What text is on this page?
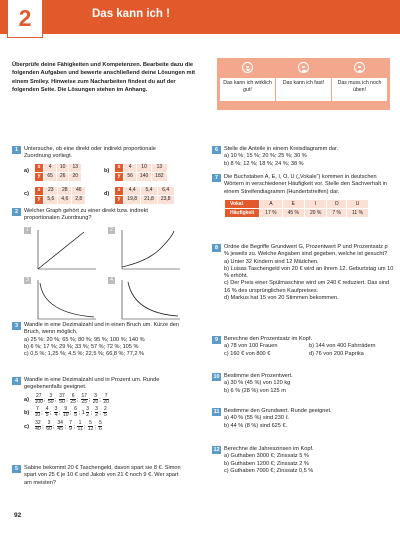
2	Das kann ich !
Überprüfe deine Fähigkeiten und Kompetenzen. Bearbeite dazu die folgenden Aufgaben und bewerte anschließend deine Lösungen mit einem Smiley. Hinweise zum Nacharbeiten findest du auf der folgenden Seite. Die Lösungen stehen im Anhang.
Das kann ich wirklich gut!
Das kann ich fast!	Das muss ich noch üben!
1	Untersuche, ob eine direkt oder indirekt proportionale Zuordnung vorliegt.
a) x	4	10	13
y	65	26	20
b) x	4	10	13
y	56	140	182
c) x	23	28	46
y	5,6	4,6	2,8
d) x	4,4	5,4	6,4
y	19,8	21,8	23,8
2	Welcher Graph gehört zu einer direkt bzw. indirekt proportionalen Zuordnung?
1	2
3	4
3	Wandle in eine Dezimalzahl und in einen Bruch um. Kürze den Bruch, wenn möglich.
a) 25 %; 20 %; 65 %; 80 %; 95 %; 100 %; 140 %
b) 6 %; 17 %; 29 %; 33 %; 57 %; 72 %; 105 %
c) 0,5 %; 1,25 %; 4,5 %; 22,5 %; 66,8 %; 77,2 %
4	Wandle in eine Dezimalzahl und in Prozent um. Runde gegebenenfalls geeignet.
$a) \frac{27}{100}$ ; $\frac{3}{50}$ ; $\frac{37}{50}$ ; $\frac{6}{25}$ ; $\frac{17}{25}$ ; $\frac{3}{20}$ ; $\frac{7}{20}$
$b) \frac{7}{10}$ ; $\frac{4}{5}$ ; $\frac{3}{4}$ ; $\frac{9}{10}$ ; $\frac{6}{5}$ ; $1 \frac{3}{2}$ ; $\frac{3}{2}$ ; $\frac{2}{5}$
$c) \frac{32}{40}$ ; $\frac{3}{60}$ ; $\frac{34}{45}$ ; $\frac{7}{9}$ ; $\frac{1}{11}$ ; $\frac{5}{12}$ ; $\frac{5}{6}$
5	Sabine bekommt 20 € Taschengeld, davon spart sie 8 €. Simon spart von 25 € je 10 € und Jakob von 21 € noch 9 €. Wer spart am meisten?
6	Stelle die Anteile in einem Kreisdiagramm dar.
a) 10 %; 15 %; 20 %; 25 %; 30 %
b) 8 %; 12 %; 18 %; 24 %; 38 %
7	Die Buchstaben A, E, I, O, U („Vokale“) kommen in deutschen Wörtern in verschiedener Häufigkeit vor. Stelle den Sachverhalt in einem Streifendiagramm (Hundertstreifen) dar.
Vokal	A	E	I	O	U
Häufigkeit	17 %	45 %	20 %	7 %	11 %
8	Ordne die Begriffe Grundwert G, Prozentwert P und Prozentsatz p % jeweils zu. Welche Angaben sind gegeben, welche ist gesucht?
a) Unter 32 Kindern sind 12 Mädchen.
b) Luisas Taschengeld von 20 € wird an ihrem 12. Geburtstag um 10 % erhöht.
c) Der Preis einer Spülmaschine wird um 240 € reduziert. Das sind 16 % des ursprünglichen Kaufpreises.
d) Markus hat 15 von 20 Stimmen bekommen.
9	Berechne den Prozentsatz im Kopf.
a) 78 von 100 Frauen	b) 144 von 400 Fahrrädern
c) 160 € von 800 €	d) 76 von 200 Paprika
10 Bestimme den Prozentwert.
a) 30 % (45 %) von 120 kg
b) 6 % (28 %) von 125 m
11 Bestimme den Grundwert. Runde geeignet.
a) 40 % (55 %) sind 230 ℓ.
b) 44 % (8 %) sind 625 €.
12 Berechne die Jahreszinsen im Kopf.
a) Guthaben 3000 €; Zinssatz 5 %
b) Guthaben 1200 €; Zinssatz 2 %
c) Guthaben 7000 €; Zinssatz 0,5 %
92
